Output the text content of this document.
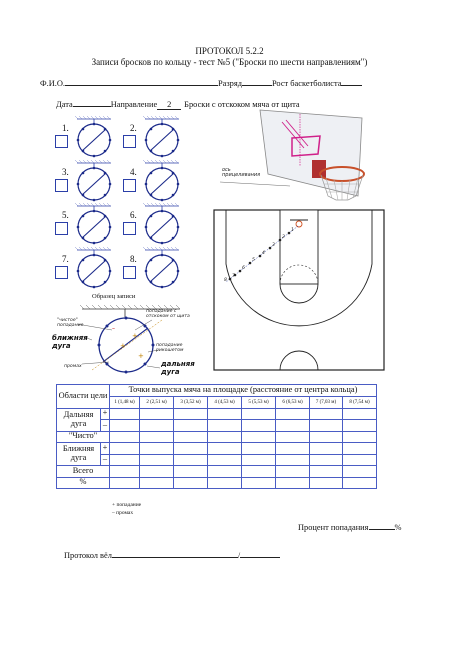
ПРОТОКОЛ 5.2.2
Записи бросков по кольцу - тест №5 ("Броски по шести направлениям")
Ф.И.О.	Разряд	Рост баскетболиста
Дата	Направление 2 Броски с отскоком мяча от щита
1.	2.
3.	4.
5.	6.
7.	8.
Образец записи
+
+
–
+
попадание с
отскоком от щита
"чистое"
попадание
ближняя
дуга	попадание
рикошетом
дальняя
дуга
промах
ось
прицеливания
1
2
3
4
5
6
7
8
Области цели		Точки выпуска мяча на площадке (расстояние от центра кольца)							
		1 (1,48 м)	2 (2,51 м)	3 (3,52 м)	4 (4,53 м)	5 (5,53 м)	6 (6,53 м)	7 (7,03 м)	8 (7,54 м)
Дальняя дуга	+								
	–								
"Чисто"									
Ближняя дуга	+								
	–								
Всего									
%									
+ попадание
– промах
Процент попадания	%
Протокол вёл	/
